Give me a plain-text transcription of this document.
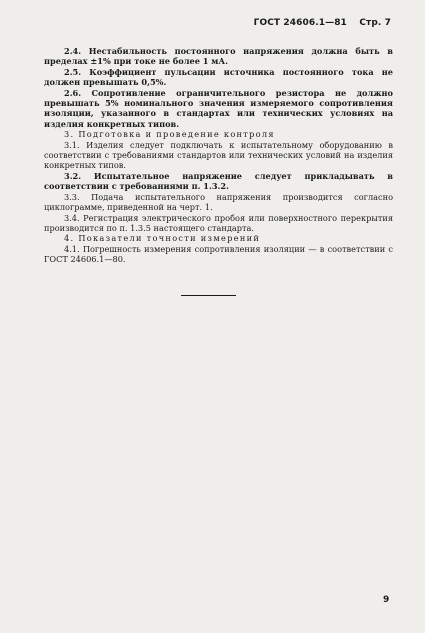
ГОСТ 24606.1—81 Стр. 7

2.4. Нестабильность постоянного напряжения должна быть в пределах ±1% при токе не более 1 мА.

2.5. Коэффициент пульсации источника постоянного тока не должен превышать 0,5%.

2.6. Сопротивление ограничительного резистора не должно превышать 5% номинального значения измеряемого сопротивления изоляции, указанного в стандартах или технических условиях на изделия конкретных типов.

3. Подготовка и проведение контроля

3.1. Изделия следует подключать к испытательному оборудованию в соответствии с требованиями стандартов или технических условий на изделия конкретных типов.

3.2. Испытательное напряжение следует прикладывать в соответствии с требованиями п. 1.3.2.

3.3. Подача испытательного напряжения производится согласно циклограмме, приведенной на черт. 1.

3.4. Регистрация электрического пробоя или поверхностного перекрытия производится по п. 1.3.5 настоящего стандарта.

4. Показатели точности измерений

4.1. Погрешность измерения сопротивления изоляции — в соответствии с ГОСТ 24606.1—80.

9
